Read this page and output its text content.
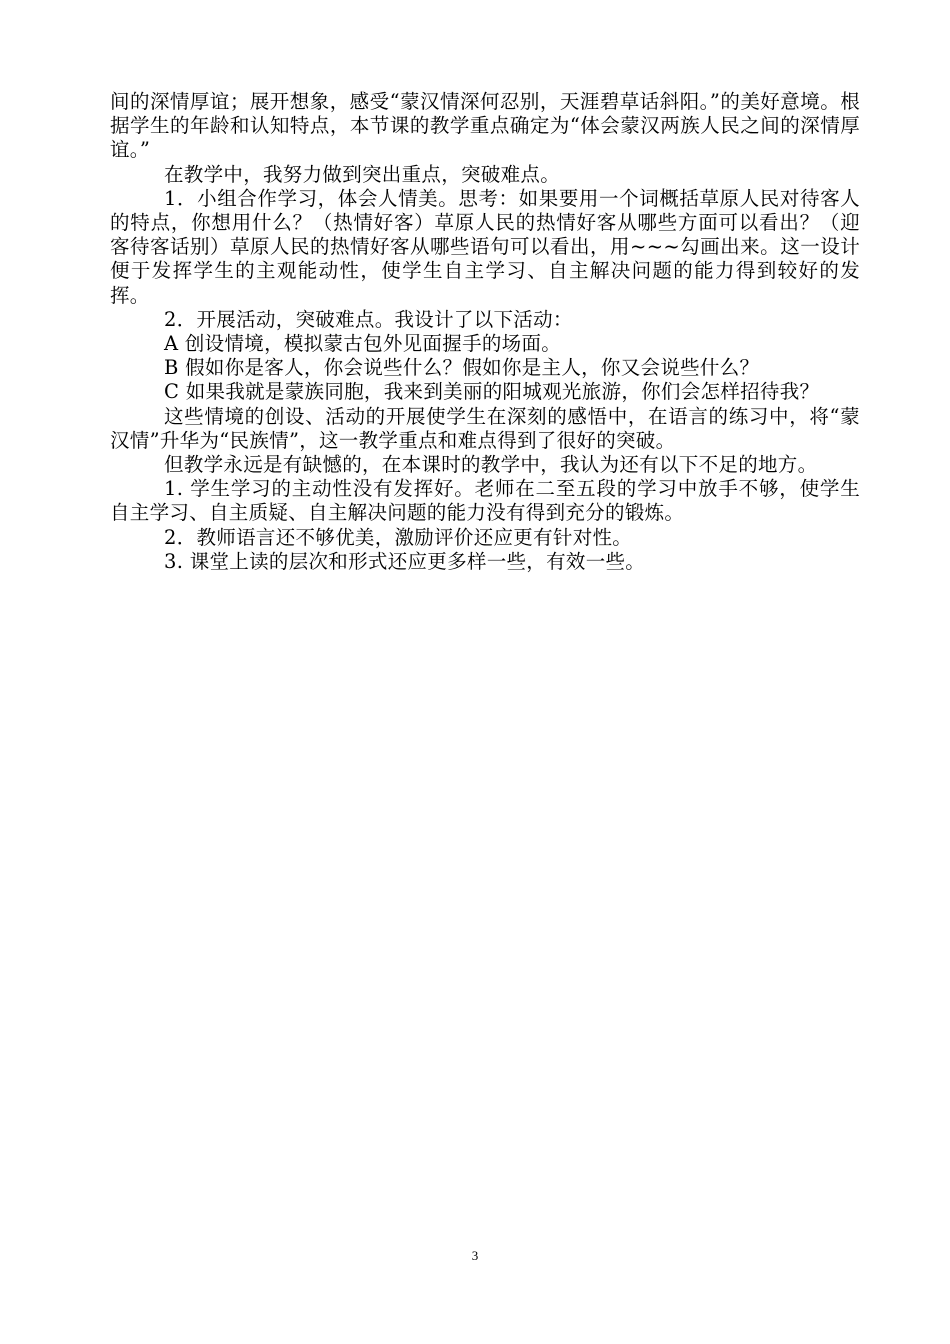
间的深情厚谊；展开想象，感受“蒙汉情深何忍别，天涯碧草话斜阳。”的美好意境。根据学生的年龄和认知特点，本节课的教学重点确定为“体会蒙汉两族人民之间的深情厚谊。”

在教学中，我努力做到突出重点，突破难点。

1．小组合作学习，体会人情美。思考：如果要用一个词概括草原人民对待客人的特点，你想用什么？（热情好客）草原人民的热情好客从哪些方面可以看出？（迎客待客话别）草原人民的热情好客从哪些语句可以看出，用~~~勾画出来。这一设计便于发挥学生的主观能动性，使学生自主学习、自主解决问题的能力得到较好的发挥。

2．开展活动，突破难点。我设计了以下活动：

A 创设情境，模拟蒙古包外见面握手的场面。

B 假如你是客人，你会说些什么？假如你是主人，你又会说些什么？

C 如果我就是蒙族同胞，我来到美丽的阳城观光旅游，你们会怎样招待我？

这些情境的创设、活动的开展使学生在深刻的感悟中，在语言的练习中，将“蒙汉情”升华为“民族情”，这一教学重点和难点得到了很好的突破。

但教学永远是有缺憾的，在本课时的教学中，我认为还有以下不足的地方。

1. 学生学习的主动性没有发挥好。老师在二至五段的学习中放手不够，使学生自主学习、自主质疑、自主解决问题的能力没有得到充分的锻炼。

2．教师语言还不够优美，激励评价还应更有针对性。

3. 课堂上读的层次和形式还应更多样一些，有效一些。

3
